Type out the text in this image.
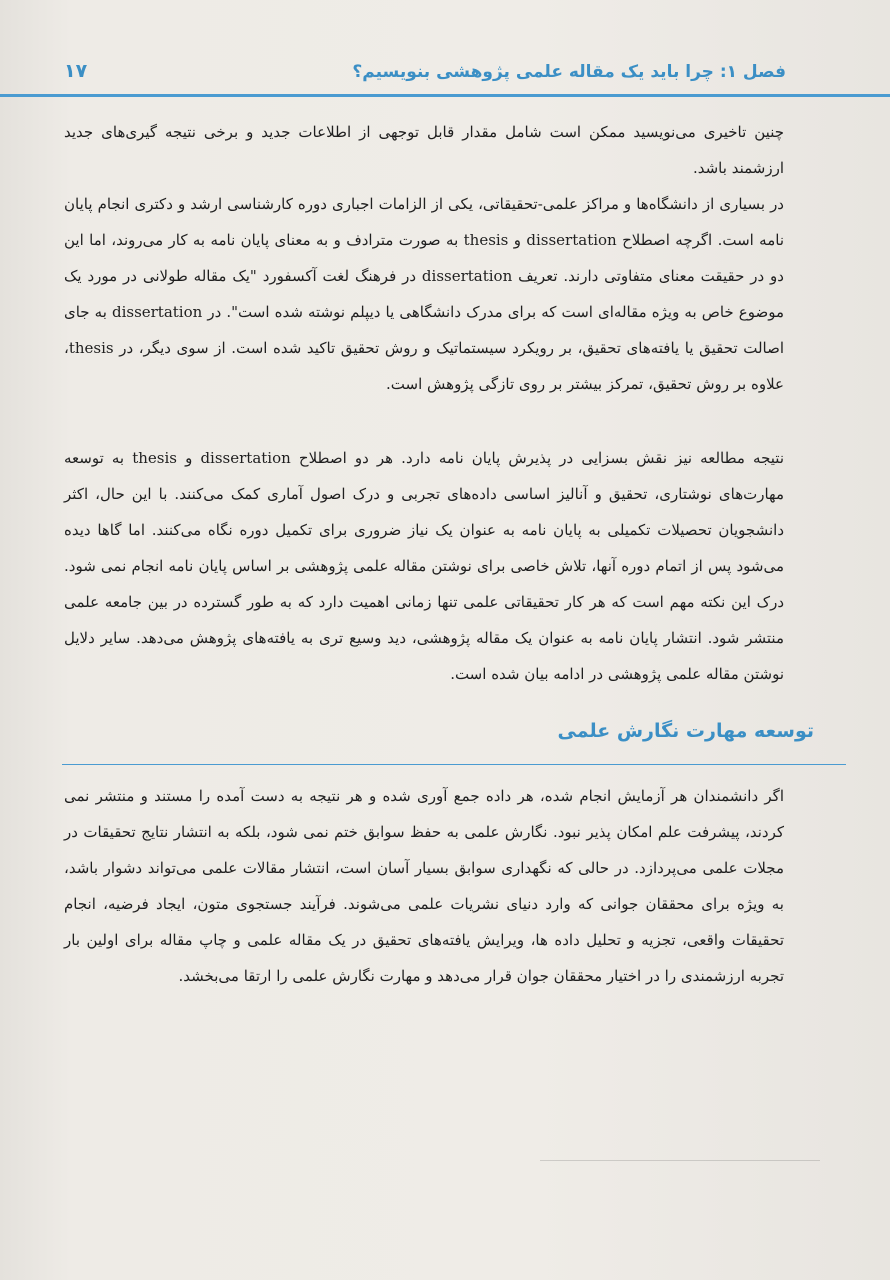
فصل ۱: چرا باید یک مقاله علمی پژوهشی بنویسیم؟
۱۷

چنین تاخیری می‌نویسید ممکن است شامل مقدار قابل توجهی از اطلاعات جدید و برخی نتیجه گیری‌های جدید ارزشمند باشد.

در بسیاری از دانشگاه‌ها و مراکز علمی-تحقیقاتی، یکی از الزامات اجباری دوره کارشناسی ارشد و دکتری انجام پایان نامه است. اگرچه اصطلاح dissertation و thesis به صورت مترادف و به معنای پایان نامه به کار می‌روند، اما این دو در حقیقت معنای متفاوتی دارند. تعریف dissertation در فرهنگ لغت آکسفورد "یک مقاله طولانی در مورد یک موضوع خاص به ویژه مقاله‌ای است که برای مدرک دانشگاهی یا دیپلم نوشته شده است". در dissertation به جای اصالت تحقیق یا یافته‌های تحقیق، بر رویکرد سیستماتیک و روش تحقیق تاکید شده است. از سوی دیگر، در thesis، علاوه بر روش تحقیق، تمرکز بیشتر بر روی تازگی پژوهش است.

نتیجه مطالعه نیز نقش بسزایی در پذیرش پایان نامه دارد. هر دو اصطلاح dissertation و thesis به توسعه مهارت‌های نوشتاری، تحقیق و آنالیز اساسی داده‌های تجربی و درک اصول آماری کمک می‌کنند. با این حال، اکثر دانشجویان تحصیلات تکمیلی به پایان نامه به عنوان یک نیاز ضروری برای تکمیل دوره نگاه می‌کنند. اما گاها دیده می‌شود پس از اتمام دوره آنها، تلاش خاصی برای نوشتن مقاله علمی پژوهشی بر اساس پایان نامه انجام نمی شود. درک این نکته مهم است که هر کار تحقیقاتی علمی تنها زمانی اهمیت دارد که به طور گسترده در بین جامعه علمی منتشر شود. انتشار پایان نامه به عنوان یک مقاله پژوهشی، دید وسیع تری به یافته‌های پژوهش می‌دهد. سایر دلایل نوشتن مقاله علمی پژوهشی در ادامه بیان شده است.

توسعه مهارت نگارش علمی

اگر دانشمندان هر آزمایش انجام شده، هر داده جمع آوری شده و هر نتیجه به دست آمده را مستند و منتشر نمی کردند، پیشرفت علم امکان پذیر نبود. نگارش علمی به حفظ سوابق ختم نمی شود، بلکه به انتشار نتایج تحقیقات در مجلات علمی می‌پردازد. در حالی که نگهداری سوابق بسیار آسان است، انتشار مقالات علمی می‌تواند دشوار باشد، به ویژه برای محققان جوانی که وارد دنیای نشریات علمی می‌شوند. فرآیند جستجوی متون، ایجاد فرضیه، انجام تحقیقات واقعی، تجزیه و تحلیل داده ها، ویرایش یافته‌های تحقیق در یک مقاله علمی و چاپ مقاله برای اولین بار تجربه ارزشمندی را در اختیار محققان جوان قرار می‌دهد و مهارت نگارش علمی را ارتقا می‌بخشد.
